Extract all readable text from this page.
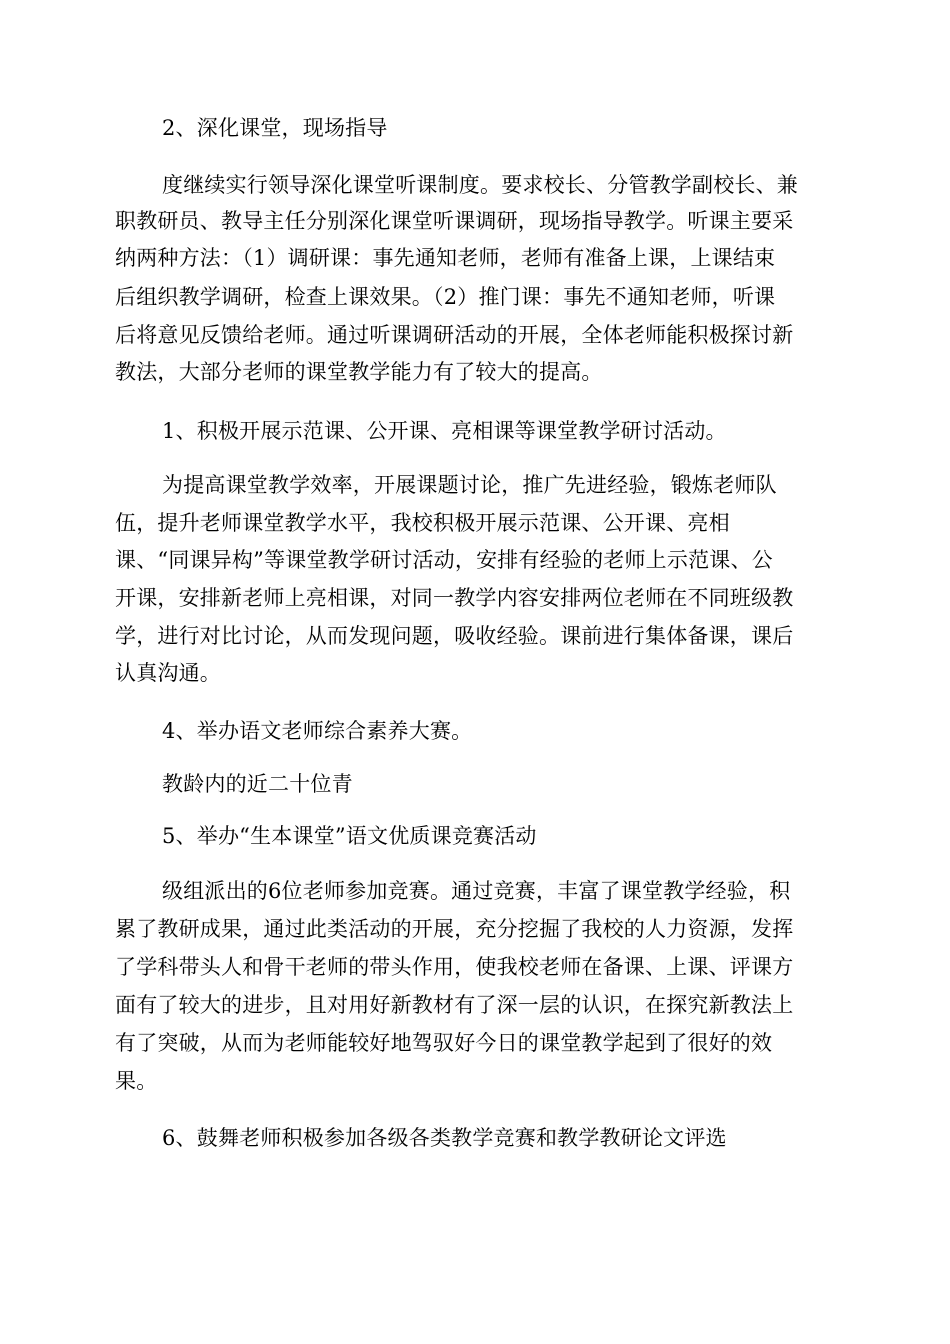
2、深化课堂，现场指导
度继续实行领导深化课堂听课制度。要求校长、分管教学副校长、兼
职教研员、教导主任分别深化课堂听课调研，现场指导教学。听课主要采
纳两种方法：（1）调研课：事先通知老师，老师有准备上课，上课结束
后组织教学调研，检查上课效果。（2）推门课：事先不通知老师，听课
后将意见反馈给老师。通过听课调研活动的开展，全体老师能积极探讨新
教法，大部分老师的课堂教学能力有了较大的提高。
1、积极开展示范课、公开课、亮相课等课堂教学研讨活动。
为提高课堂教学效率，开展课题讨论，推广先进经验，锻炼老师队
伍，提升老师课堂教学水平，我校积极开展示范课、公开课、亮相
课、“同课异构”等课堂教学研讨活动，安排有经验的老师上示范课、公
开课，安排新老师上亮相课，对同一教学内容安排两位老师在不同班级教
学，进行对比讨论，从而发现问题，吸收经验。课前进行集体备课，课后
认真沟通。
4、举办语文老师综合素养大赛。
教龄内的近二十位青
5、举办“生本课堂”语文优质课竞赛活动
级组派出的6位老师参加竞赛。通过竞赛，丰富了课堂教学经验，积
累了教研成果，通过此类活动的开展，充分挖掘了我校的人力资源，发挥
了学科带头人和骨干老师的带头作用，使我校老师在备课、上课、评课方
面有了较大的进步，且对用好新教材有了深一层的认识，在探究新教法上
有了突破，从而为老师能较好地驾驭好今日的课堂教学起到了很好的效
果。
6、鼓舞老师积极参加各级各类教学竞赛和教学教研论文评选
